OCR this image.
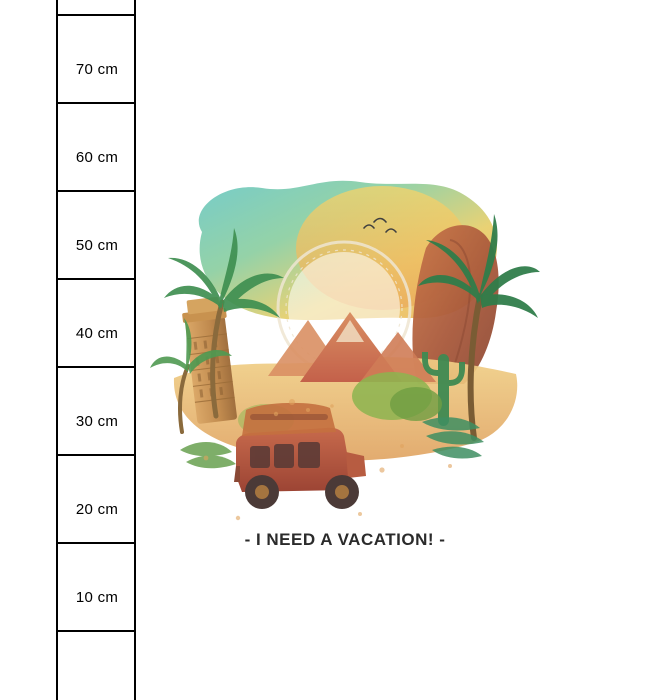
70 cm
60 cm
50 cm
40 cm
30 cm
20 cm
10 cm
- I NEED A VACATION! -
